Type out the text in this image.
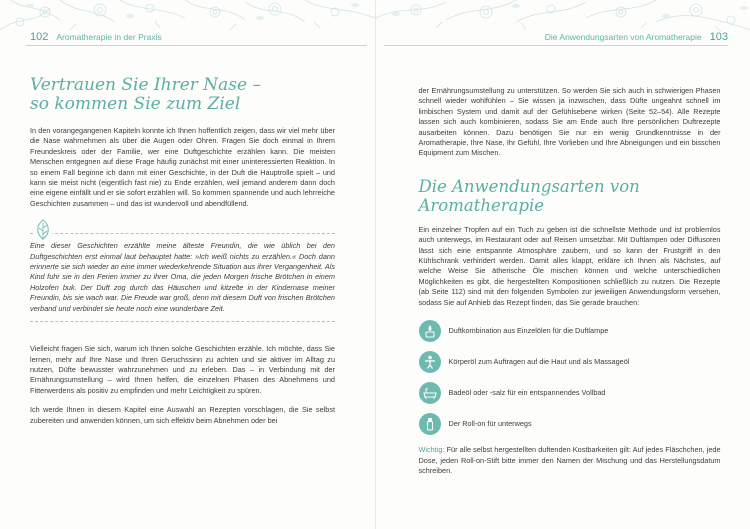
102 Aromatherapie in der Praxis
Vertrauen Sie Ihrer Nase –
so kommen Sie zum Ziel

In den vorangegangenen Kapiteln konnte ich Ihnen hoffentlich zeigen, dass wir viel mehr über die Nase wahrnehmen als über die Augen oder Ohren. Fragen Sie doch einmal in Ihrem Freundeskreis oder der Familie, wer eine Duftgeschichte erzählen kann. Die meisten Menschen entgegnen auf diese Frage häufig zunächst mit einer uninteressierten Reaktion. In so einem Fall beginne ich dann mit einer Geschichte, in der Duft die Hauptrolle spielt – und kann sie meist nicht (eigentlich fast nie) zu Ende erzählen, weil jemand anderem dann doch eine eigene einfällt und er sie sofort erzählen will. So kommen spannende und auch lehrreiche Geschichten zusammen – und das ist wundervoll und abendfüllend.

Eine dieser Geschichten erzählte meine älteste Freundin, die wie üblich bei den Duftgeschichten erst einmal laut behauptet hatte: »Ich weiß nichts zu erzählen.« Doch dann erinnerte sie sich wieder an eine immer wiederkehrende Situation aus ihrer Vergangenheit. Als Kind fuhr sie in den Ferien immer zu ihrer Oma, die jeden Morgen frische Brötchen in einem Holzofen buk. Der Duft zog durch das Häuschen und kitzelte in der Kindernase meiner Freundin, bis sie wach war. Die Freude war groß, denn mit diesem Duft von frischen Brötchen verband und verbindet sie heute noch eine wunderbare Zeit.

Vielleicht fragen Sie sich, warum ich Ihnen solche Geschichten erzähle. Ich möchte, dass Sie lernen, mehr auf Ihre Nase und Ihren Geruchssinn zu achten und sie aktiver im Alltag zu nutzen, Düfte bewusster wahrzunehmen und zu erleben. Das – in Verbindung mit der Ernährungsumstellung – wird Ihnen helfen, die einzelnen Phasen des Abnehmens und Fitterwerdens als positiv zu empfinden und mehr Leichtigkeit zu spüren.

Ich werde Ihnen in diesem Kapitel eine Auswahl an Rezepten vorschlagen, die Sie selbst zubereiten und anwenden können, um sich effektiv beim Abnehmen oder bei

Die Anwendungsarten von Aromatherapie 103

der Ernährungsumstellung zu unterstützen. So werden Sie sich auch in schwierigen Phasen schnell wieder wohlfühlen – Sie wissen ja inzwischen, dass Düfte ungeahnt schnell im limbischen System und damit auf der Gefühlsebene wirken (Seite 52–54). Alle Rezepte lassen sich auch kombinieren, sodass Sie am Ende auch Ihre persönlichen Duftrezepte ausarbeiten können. Dazu benötigen Sie nur ein wenig Grundkenntnisse in der Aromatherapie, Ihre Nase, Ihr Gefühl, Ihre Vorlieben und Ihre Abneigungen und ein bisschen Equipment zum Mischen.

Die Anwendungsarten von Aromatherapie

Ein einzelner Tropfen auf ein Tuch zu geben ist die schnellste Methode und ist problemlos auch unterwegs, im Restaurant oder auf Reisen umsetzbar. Mit Duftlampen oder Diffusoren lässt sich eine entspannte Atmosphäre zaubern, und so kann der Frustgriff in den Kühlschrank verhindert werden. Damit alles klappt, erkläre ich Ihnen als Nächstes, auf welche Weise Sie ätherische Öle mischen können und welche unterschiedlichen Möglichkeiten es gibt, die hergestellten Kompositionen schließlich zu nutzen. Die Rezepte (ab Seite 112) sind mit den folgenden Symbolen zur jeweiligen Anwendungsform versehen, sodass Sie auf Anhieb das Rezept finden, das Sie gerade brauchen:

Duftkombination aus Einzelölen für die Duftlampe
Körperöl zum Auftragen auf die Haut und als Massageöl
Badeöl oder -salz für ein entspannendes Vollbad
Der Roll-on für unterwegs

Wichtig: Für alle selbst hergestellten duftenden Kostbarkeiten gilt: Auf jedes Fläschchen, jede Dose, jeden Roll-on-Stift bitte immer den Namen der Mischung und das Herstellungsdatum schreiben.
